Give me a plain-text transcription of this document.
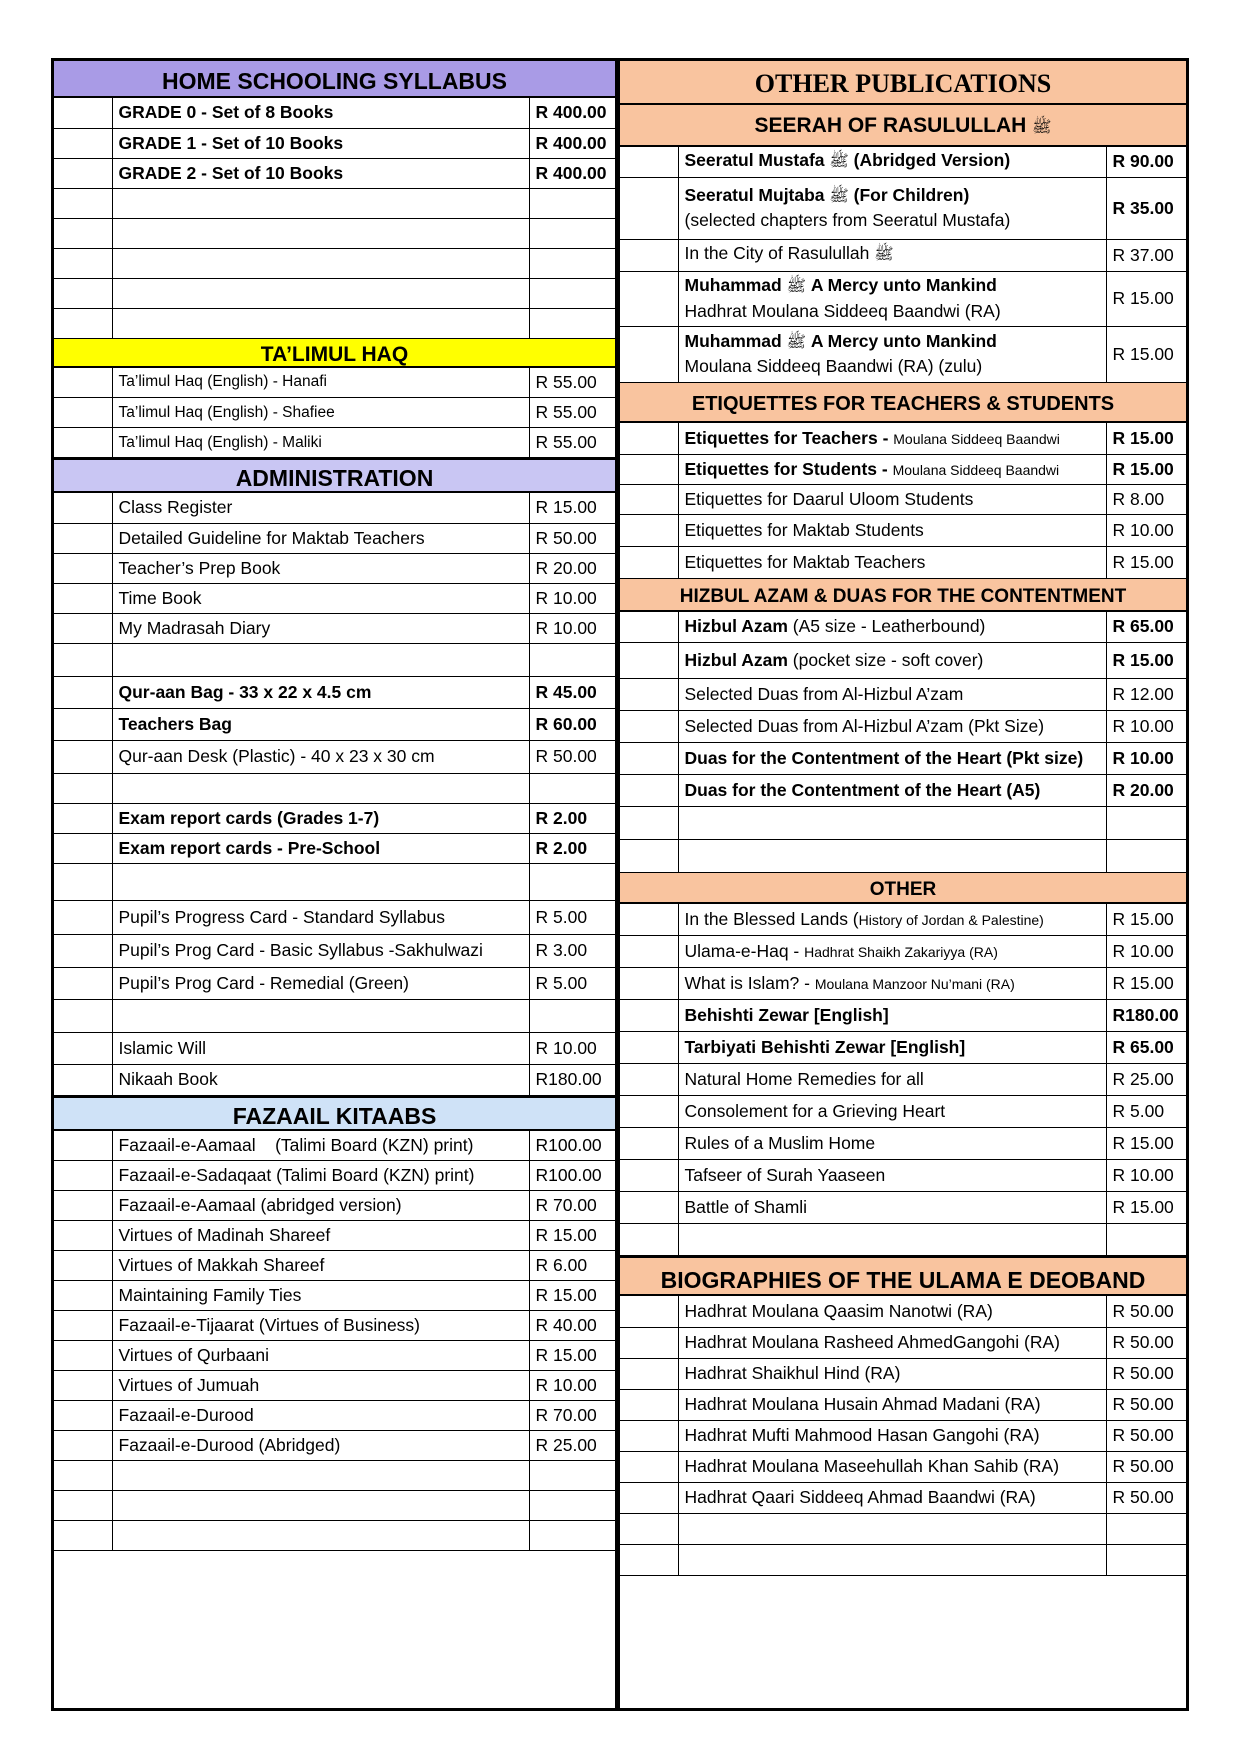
HOME SCHOOLING SYLLABUS
	GRADE 0 - Set of 8 Books	R 400.00
	GRADE 1 - Set of 10 Books	R 400.00
	GRADE 2 - Set of 10 Books	R 400.00

TA’LIMUL HAQ
	Ta’limul Haq (English) - Hanafi	R 55.00
	Ta’limul Haq (English) - Shafiee	R 55.00
	Ta’limul Haq (English) - Maliki	R 55.00
ADMINISTRATION
	Class Register	R 15.00
	Detailed Guideline for Maktab Teachers	R 50.00
	Teacher’s Prep Book	R 20.00
	Time Book	R 10.00
	My Madrasah Diary	R 10.00

	Qur-aan Bag - 33 x 22 x 4.5 cm	R 45.00
	Teachers Bag	R 60.00
	Qur-aan Desk (Plastic) - 40 x 23 x 30 cm	R 50.00

	Exam report cards (Grades 1-7)	R 2.00
	Exam report cards - Pre-School	R 2.00

	Pupil’s Progress Card - Standard Syllabus	R 5.00
	Pupil’s Prog Card - Basic Syllabus -Sakhulwazi	R 3.00
	Pupil’s Prog Card - Remedial (Green)	R 5.00

	Islamic Will	R 10.00
	Nikaah Book	R180.00
FAZAAIL KITAABS
	Fazaail-e-Aamaal    (Talimi Board (KZN) print)	R100.00
	Fazaail-e-Sadaqaat (Talimi Board (KZN) print)	R100.00
	Fazaail-e-Aamaal (abridged version)	R 70.00
	Virtues of Madinah Shareef	R 15.00
	Virtues of Makkah Shareef	R 6.00
	Maintaining Family Ties	R 15.00
	Fazaail-e-Tijaarat (Virtues of Business)	R 40.00
	Virtues of Qurbaani	R 15.00
	Virtues of Jumuah	R 10.00
	Fazaail-e-Durood	R 70.00
	Fazaail-e-Durood (Abridged)	R 25.00

OTHER PUBLICATIONS
SEERAH OF RASULULLAH ﷺ
	Seeratul Mustafa ﷺ (Abridged Version)	R 90.00
	Seeratul Mujtaba ﷺ (For Children)
(selected chapters from Seeratul Mustafa)	R 35.00
	In the City of Rasulullah ﷺ	R 37.00
	Muhammad ﷺ A Mercy unto Mankind
Hadhrat Moulana Siddeeq Baandwi (RA)	R 15.00
	Muhammad ﷺ A Mercy unto Mankind
Moulana Siddeeq Baandwi (RA) (zulu)	R 15.00
ETIQUETTES FOR TEACHERS & STUDENTS
	Etiquettes for Teachers - Moulana Siddeeq Baandwi	R 15.00
	Etiquettes for Students - Moulana Siddeeq Baandwi	R 15.00
	Etiquettes for Daarul Uloom Students	R 8.00
	Etiquettes for Maktab Students	R 10.00
	Etiquettes for Maktab Teachers	R 15.00
HIZBUL AZAM & DUAS FOR THE CONTENTMENT
	Hizbul Azam (A5 size - Leatherbound)	R 65.00
	Hizbul Azam (pocket size - soft cover)	R 15.00
	Selected Duas from Al-Hizbul A’zam	R 12.00
	Selected Duas from Al-Hizbul A’zam (Pkt Size)	R 10.00
	Duas for the Contentment of the Heart (Pkt size)	R 10.00
	Duas for the Contentment of the Heart (A5)	R 20.00

OTHER
	In the Blessed Lands (History of Jordan & Palestine)	R 15.00
	Ulama-e-Haq - Hadhrat Shaikh Zakariyya (RA)	R 10.00
	What is Islam? - Moulana Manzoor Nu’mani (RA)	R 15.00
	Behishti Zewar [English]	R180.00
	Tarbiyati Behishti Zewar [English]	R 65.00
	Natural Home Remedies for all	R 25.00
	Consolement for a Grieving Heart	R 5.00
	Rules of a Muslim Home	R 15.00
	Tafseer of Surah Yaaseen	R 10.00
	Battle of Shamli	R 15.00

BIOGRAPHIES OF THE ULAMA E DEOBAND
	Hadhrat Moulana Qaasim Nanotwi (RA)	R 50.00
	Hadhrat Moulana Rasheed AhmedGangohi (RA)	R 50.00
	Hadhrat Shaikhul Hind (RA)	R 50.00
	Hadhrat Moulana Husain Ahmad Madani (RA)	R 50.00
	Hadhrat Mufti Mahmood Hasan Gangohi (RA)	R 50.00
	Hadhrat Moulana Maseehullah Khan Sahib (RA)	R 50.00
	Hadhrat Qaari Siddeeq Ahmad Baandwi (RA)	R 50.00
